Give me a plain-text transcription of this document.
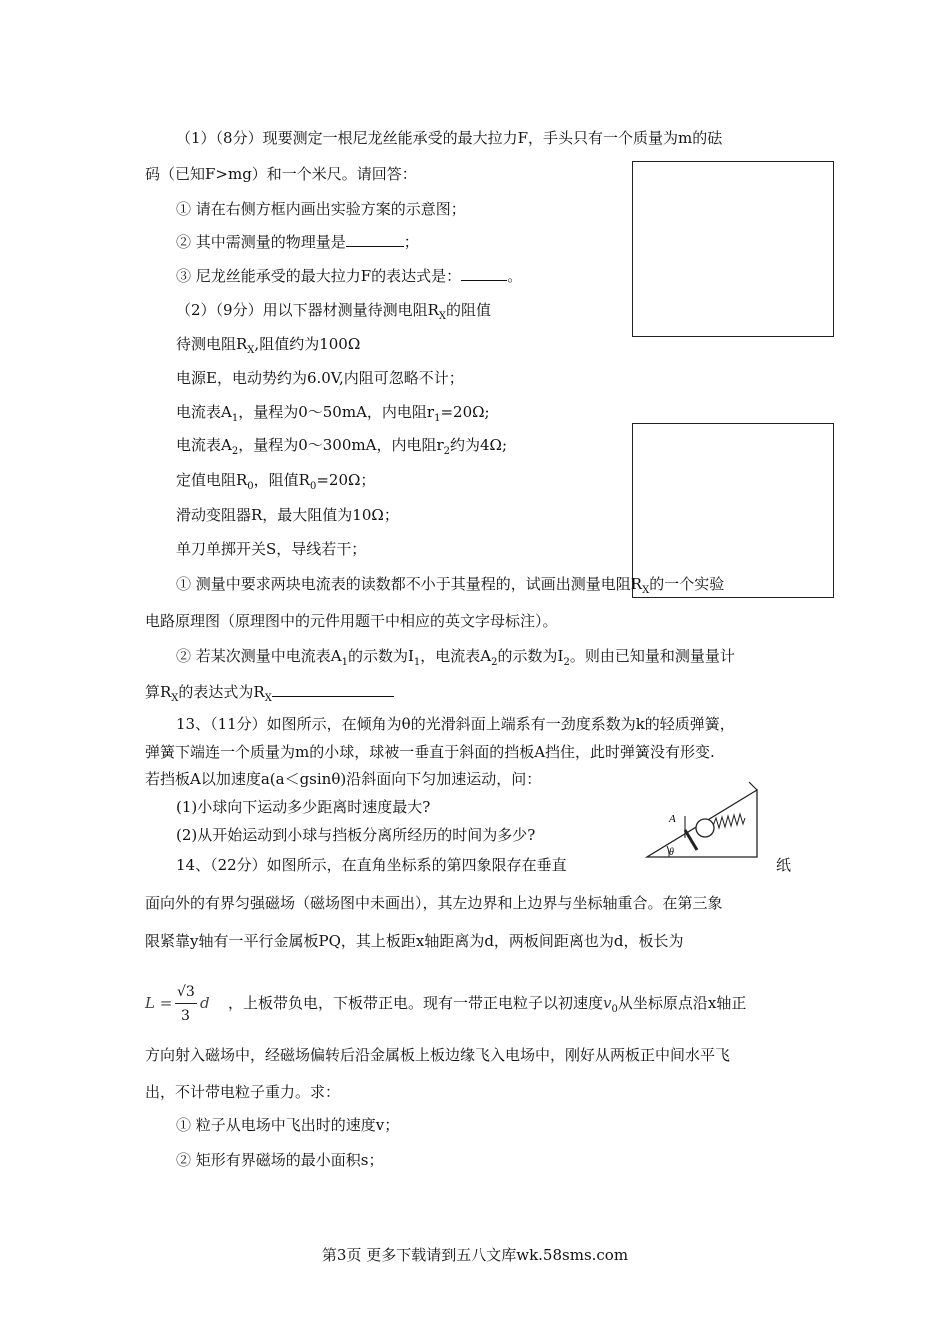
（1）（8分）现要测定一根尼龙丝能承受的最大拉力F，手头只有一个质量为m的砝
码（已知F>mg）和一个米尺。请回答：
① 请在右侧方框内画出实验方案的示意图；
② 其中需测量的物理量是	；
③ 尼龙丝能承受的最大拉力F的表达式是：	。
（2）（9分）用以下器材测量待测电阻$R_X$的阻值
待测电阻$R_X$,阻值约为100Ω
电源E，电动势约为6.0V,内阻可忽略不计；
电流表$A_1$，量程为0～50mA，内电阻$r_1=20\Omega$;
电流表$A_2$，量程为0～300mA，内电阻$r_2$约为4Ω;
定值电阻$R_0$，阻值$R_0=20\Omega$；
滑动变阻器R，最大阻值为10Ω；
单刀单掷开关S，导线若干；
① 测量中要求两块电流表的读数都不小于其量程的，试画出测量电阻$R_X$的一个实验
电路原理图（原理图中的元件用题干中相应的英文字母标注）。
② 若某次测量中电流表$A_1$的示数为$I_1$，电流表$A_2$的示数为$I_2$。则由已知量和测量量计
算$R_X$的表达式为$R_X$
13、（11分）如图所示，在倾角为θ的光滑斜面上端系有一劲度系数为k的轻质弹簧，
弹簧下端连一个质量为m的小球，球被一垂直于斜面的挡板A挡住，此时弹簧没有形变.
若挡板A以加速度a(a＜gsinθ)沿斜面向下匀加速运动，问：
(1)小球向下运动多少距离时速度最大?
(2)从开始运动到小球与挡板分离所经历的时间为多少?
A
θ
14、（22分）如图所示，在直角坐标系的第四象限存在垂直	纸
面向外的有界匀强磁场（磁场图中未画出），其左边界和上边界与坐标轴重合。在第三象
限紧靠y轴有一平行金属板PQ，其上板距x轴距离为d，两板间距离也为d，板长为
L =
√3
3
d ，上板带负电，下板带正电。现有一带正电粒子以初速度$v_0$从坐标原点沿x轴正
方向射入磁场中，经磁场偏转后沿金属板上板边缘飞入电场中，刚好从两板正中间水平飞
出，不计带电粒子重力。求：
① 粒子从电场中飞出时的速度v；
② 矩形有界磁场的最小面积s；
第3页 更多下载请到五八文库wk.58sms.com
